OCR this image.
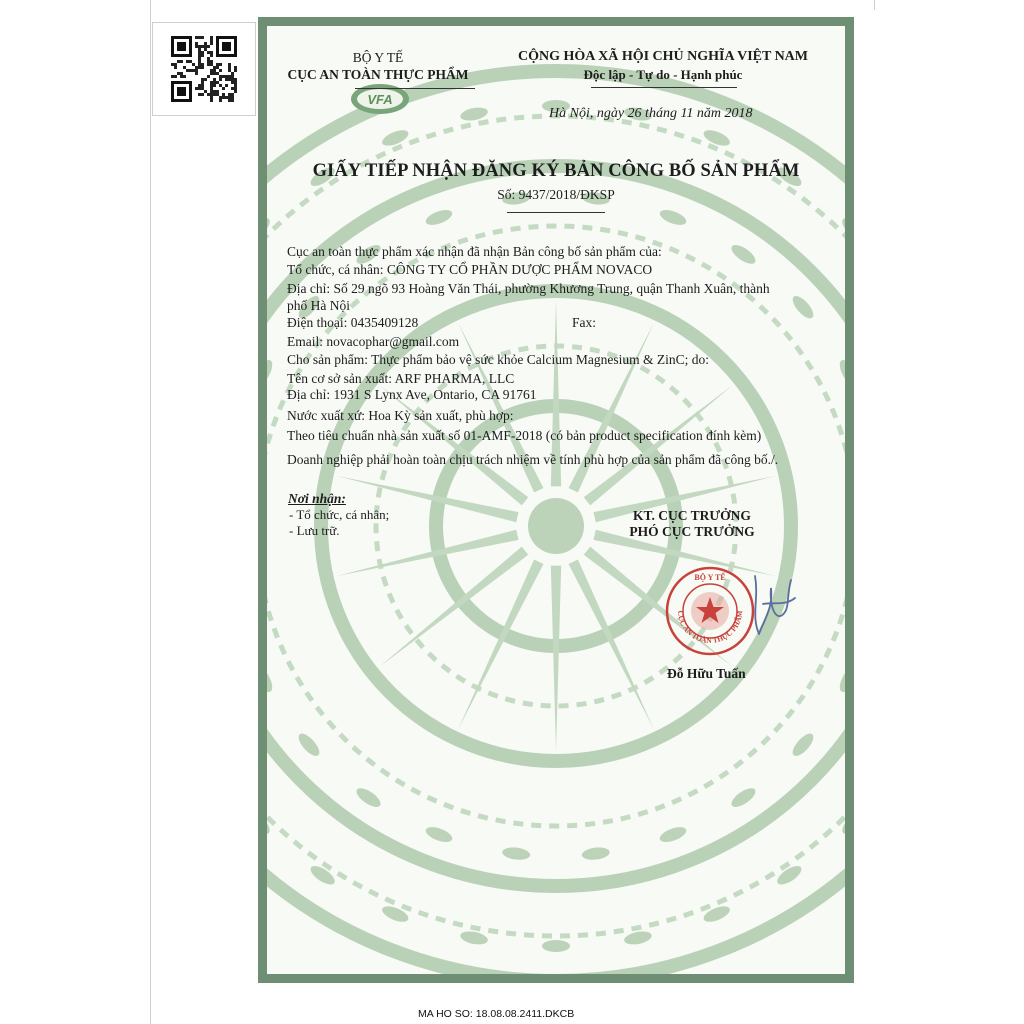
BỘ Y TẾ
CỤC AN TOÀN THỰC PHẨM
VFA
CỘNG HÒA XÃ HỘI CHỦ NGHĨA VIỆT NAM
Độc lập - Tự do - Hạnh phúc
Hà Nội, ngày 26 tháng 11 năm 2018
GIẤY TIẾP NHẬN ĐĂNG KÝ BẢN CÔNG BỐ SẢN PHẨM
Số: 9437/2018/ĐKSP
Cục an toàn thực phẩm xác nhận đã nhận Bản công bố sản phẩm của:
Tổ chức, cá nhân: CÔNG TY CỔ PHẦN DƯỢC PHẨM NOVACO
Địa chỉ: Số 29 ngõ 93 Hoàng Văn Thái, phường Khương Trung, quận Thanh Xuân, thành
phố Hà Nội
Điện thoại: 0435409128	Fax:
Email: novacophar@gmail.com
Cho sản phẩm: Thực phẩm bảo vệ sức khỏe Calcium Magnesium & ZinC; do:
Tên cơ sở sản xuất: ARF PHARMA, LLC
Địa chỉ: 1931 S Lynx Ave, Ontario, CA 91761
Nước xuất xứ: Hoa Kỳ sản xuất, phù hợp:
Theo tiêu chuẩn nhà sản xuất số 01-AMF-2018 (có bản product specification đính kèm)
Doanh nghiệp phải hoàn toàn chịu trách nhiệm về tính phù hợp của sản phẩm đã công bố./.
Nơi nhận:
- Tổ chức, cá nhân;
- Lưu trữ.
KT. CỤC TRƯỞNG
PHÓ CỤC TRƯỞNG
BỘ Y TẾ
CỤC AN TOÀN THỰC PHẨM
Đỗ Hữu Tuấn
MA HO SO: 18.08.08.2411.DKCB
